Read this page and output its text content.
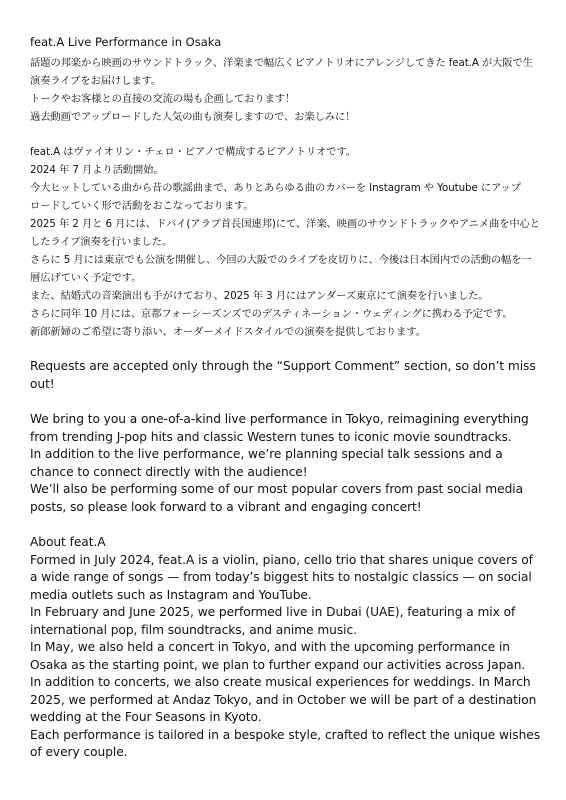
feat.A Live Performance in Osaka
話題の邦楽から映画のサウンドトラック、洋楽まで幅広くピアノトリオにアレンジしてきた feat.A が大阪で生
演奏ライブをお届けします。
トークやお客様との直接の交流の場も企画しております！
過去動画でアップロードした人気の曲も演奏しますので、お楽しみに！
feat.A はヴァイオリン・チェロ・ピアノで構成するピアノトリオです。
2024 年 7 月より活動開始。
今大ヒットしている曲から昔の歌謡曲まで、ありとあらゆる曲のカバーを Instagram や Youtube にアップ
ロードしていく形で活動をおこなっております。
2025 年 2 月と 6 月には、ドバイ(アラブ首長国連邦)にて、洋楽、映画のサウンドトラックやアニメ曲を中心と
したライブ演奏を行いました。
さらに 5 月には東京でも公演を開催し、今回の大阪でのライブを皮切りに、今後は日本国内での活動の幅を一
層広げていく予定です。
また、結婚式の音楽演出も手がけており、2025 年 3 月にはアンダーズ東京にて演奏を行いました。
さらに同年 10 月には、京都フォーシーズンズでのデスティネーション・ウェディングに携わる予定です。
新郎新婦のご希望に寄り添い、オーダーメイドスタイルでの演奏を提供しております。
Requests are accepted only through the “Support Comment” section, so don’t miss
out!
We bring to you a one-of-a-kind live performance in Tokyo, reimagining everything
from trending J-pop hits and classic Western tunes to iconic movie soundtracks.
In addition to the live performance, we’re planning special talk sessions and a
chance to connect directly with the audience!
We’ll also be performing some of our most popular covers from past social media
posts, so please look forward to a vibrant and engaging concert!
About feat.A
Formed in July 2024, feat.A is a violin, piano, cello trio that shares unique covers of
a wide range of songs — from today’s biggest hits to nostalgic classics — on social
media outlets such as Instagram and YouTube.
In February and June 2025, we performed live in Dubai (UAE), featuring a mix of
international pop, film soundtracks, and anime music.
In May, we also held a concert in Tokyo, and with the upcoming performance in
Osaka as the starting point, we plan to further expand our activities across Japan.
In addition to concerts, we also create musical experiences for weddings. In March
2025, we performed at Andaz Tokyo, and in October we will be part of a destination
wedding at the Four Seasons in Kyoto.
Each performance is tailored in a bespoke style, crafted to reflect the unique wishes
of every couple.
